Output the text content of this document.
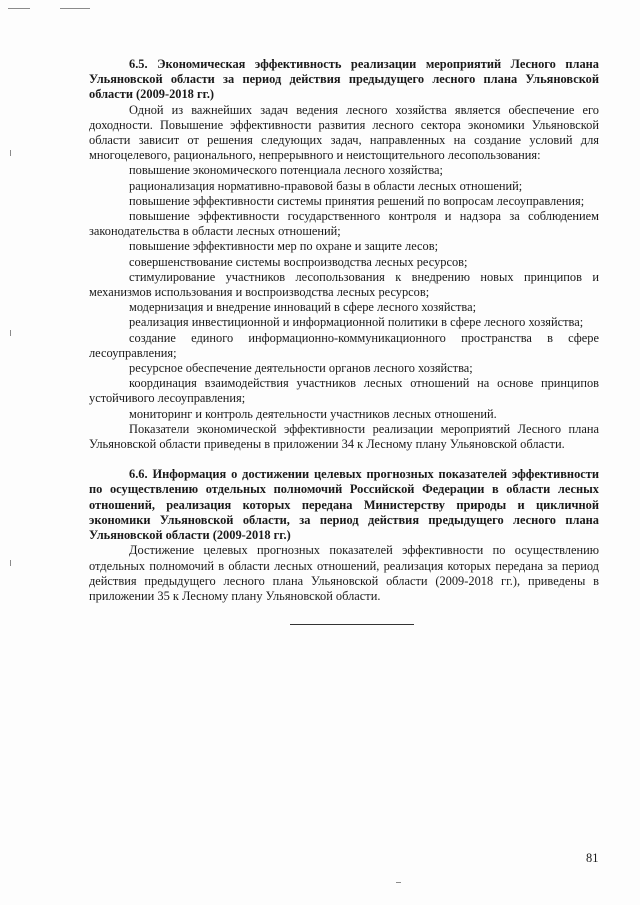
6.5. Экономическая эффективность реализации мероприятий Лесного плана Ульяновской области за период действия предыдущего лесного плана Ульяновской области (2009-2018 гг.)

Одной из важнейших задач ведения лесного хозяйства является обеспечение его доходности. Повышение эффективности развития лесного сектора экономики Ульяновской области зависит от решения следующих задач, направленных на создание условий для многоцелевого, рационального, непрерывного и неистощительного лесопользования:

повышение экономического потенциала лесного хозяйства;

рационализация нормативно-правовой базы в области лесных отношений;

повышение эффективности системы принятия решений по вопросам лесоуправления;

повышение эффективности государственного контроля и надзора за соблюдением законодательства в области лесных отношений;

повышение эффективности мер по охране и защите лесов;

совершенствование системы воспроизводства лесных ресурсов;

стимулирование участников лесопользования к внедрению новых принципов и механизмов использования и воспроизводства лесных ресурсов;

модернизация и внедрение инноваций в сфере лесного хозяйства;

реализация инвестиционной и информационной политики в сфере лесного хозяйства;

создание единого информационно-коммуникационного пространства в сфере лесоуправления;

ресурсное обеспечение деятельности органов лесного хозяйства;

координация взаимодействия участников лесных отношений на основе принципов устойчивого лесоуправления;

мониторинг и контроль деятельности участников лесных отношений.

Показатели экономической эффективности реализации мероприятий Лесного плана Ульяновской области приведены в приложении 34 к Лесному плану Ульяновской области.

6.6. Информация о достижении целевых прогнозных показателей эффективности по осуществлению отдельных полномочий Российской Федерации в области лесных отношений, реализация которых передана Министерству природы и цикличной экономики Ульяновской области, за период действия предыдущего лесного плана Ульяновской области (2009-2018 гг.)

Достижение целевых прогнозных показателей эффективности по осуществлению отдельных полномочий в области лесных отношений, реализация которых передана за период действия предыдущего лесного плана Ульяновской области (2009-2018 гг.), приведены в приложении 35 к Лесному плану Ульяновской области.

81
